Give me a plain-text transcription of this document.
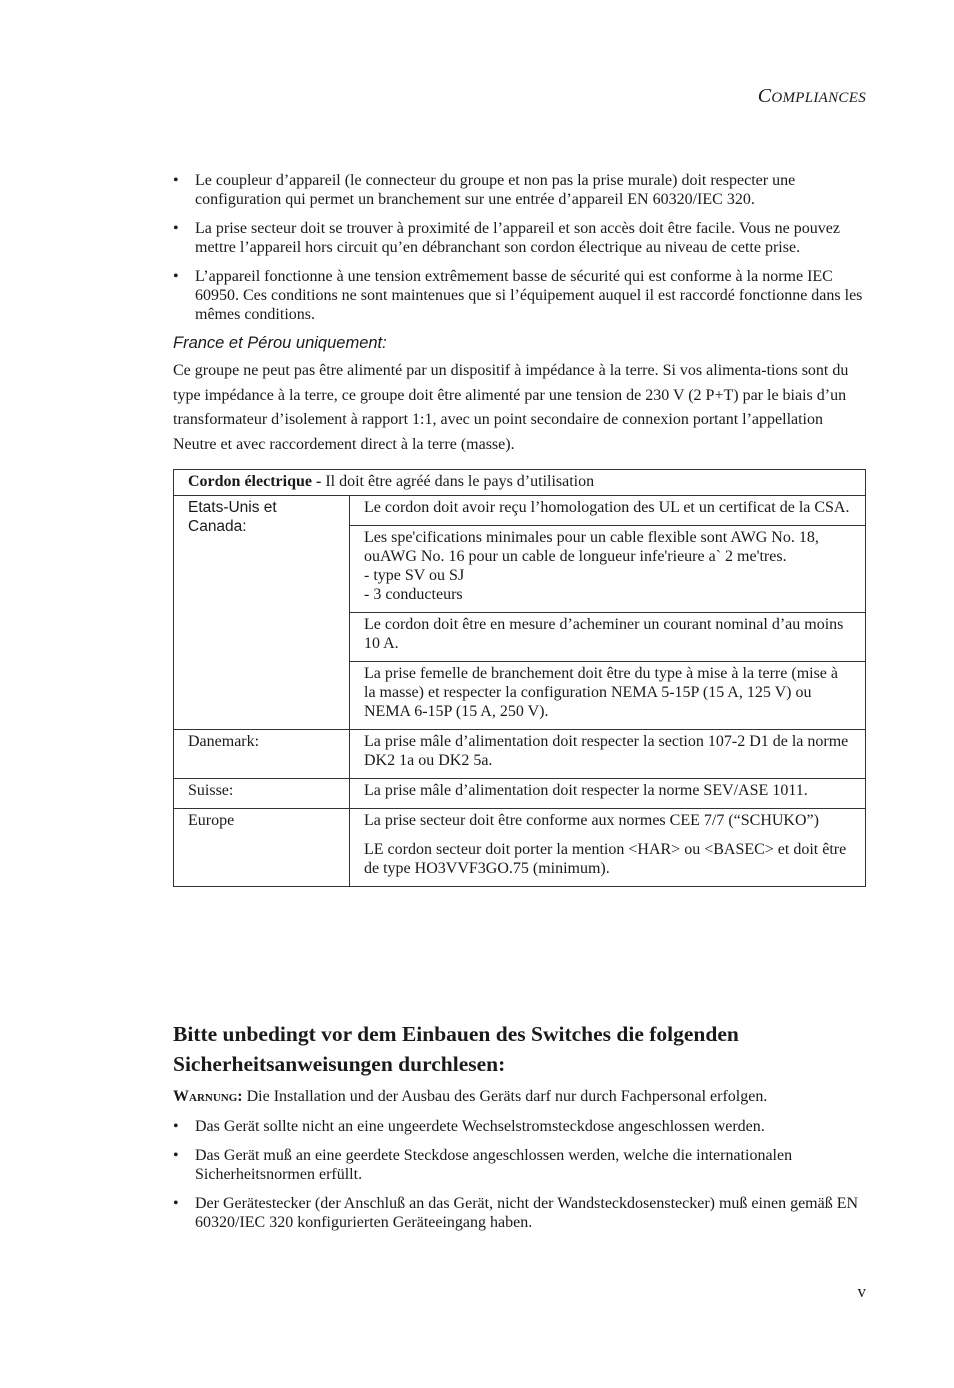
COMPLIANCES
• Le coupleur d’appareil (le connecteur du groupe et non pas la prise murale) doit respecter une configuration qui permet un branchement sur une entrée d’appareil EN 60320/IEC 320.
• La prise secteur doit se trouver à proximité de l’appareil et son accès doit être facile. Vous ne pouvez mettre l’appareil hors circuit qu’en débranchant son cordon électrique au niveau de cette prise.
• L’appareil fonctionne à une tension extrêmement basse de sécurité qui est conforme à la norme IEC 60950. Ces conditions ne sont maintenues que si l’équipement auquel il est raccordé fonctionne dans les mêmes conditions.
France et Pérou uniquement:

Ce groupe ne peut pas être alimenté par un dispositif à impédance à la terre. Si vos alimenta-tions sont du type impédance à la terre, ce groupe doit être alimenté par une tension de 230 V (2 P+T) par le biais d’un transformateur d’isolement à rapport 1:1, avec un point secondaire de connexion portant l’appellation Neutre et avec raccordement direct à la terre (masse).

Cordon électrique - Il doit être agréé dans le pays d’utilisation	
Etats-Unis et Canada:	Le cordon doit avoir reçu l’homologation des UL et un certificat de la CSA.

	Les spe'cifications minimales pour un cable flexible sont AWG No. 18, ouAWG No. 16 pour un cable de longueur infe'rieure a` 2 me'tres.
- type SV ou SJ
- 3 conducteurs

	Le cordon doit être en mesure d’acheminer un courant nominal d’au moins 10 A.
	La prise femelle de branchement doit être du type à mise à la terre (mise à la masse) et respecter la configuration NEMA 5-15P (15 A, 125 V) ou NEMA 6-15P (15 A, 250 V).
Danemark:	La prise mâle d’alimentation doit respecter la section 107-2 D1 de la norme DK2 1a ou DK2 5a.
Suisse:	La prise mâle d’alimentation doit respecter la norme SEV/ASE 1011.
Europe	La prise secteur doit être conforme aux normes CEE 7/7 (“SCHUKO”)
LE cordon secteur doit porter la mention <HAR> ou <BASEC> et doit être de type HO3VVF3GO.75 (minimum).
Bitte unbedingt vor dem Einbauen des Switches die folgenden Sicherheitsanweisungen durchlesen:

Warnung: Die Installation und der Ausbau des Geräts darf nur durch Fachpersonal erfolgen.

• Das Gerät sollte nicht an eine ungeerdete Wechselstromsteckdose angeschlossen werden.
• Das Gerät muß an eine geerdete Steckdose angeschlossen werden, welche die internationalen Sicherheitsnormen erfüllt.
• Der Gerätestecker (der Anschluß an das Gerät, nicht der Wandsteckdosenstecker) muß einen gemäß EN 60320/IEC 320 konfigurierten Geräteeingang haben.
v
